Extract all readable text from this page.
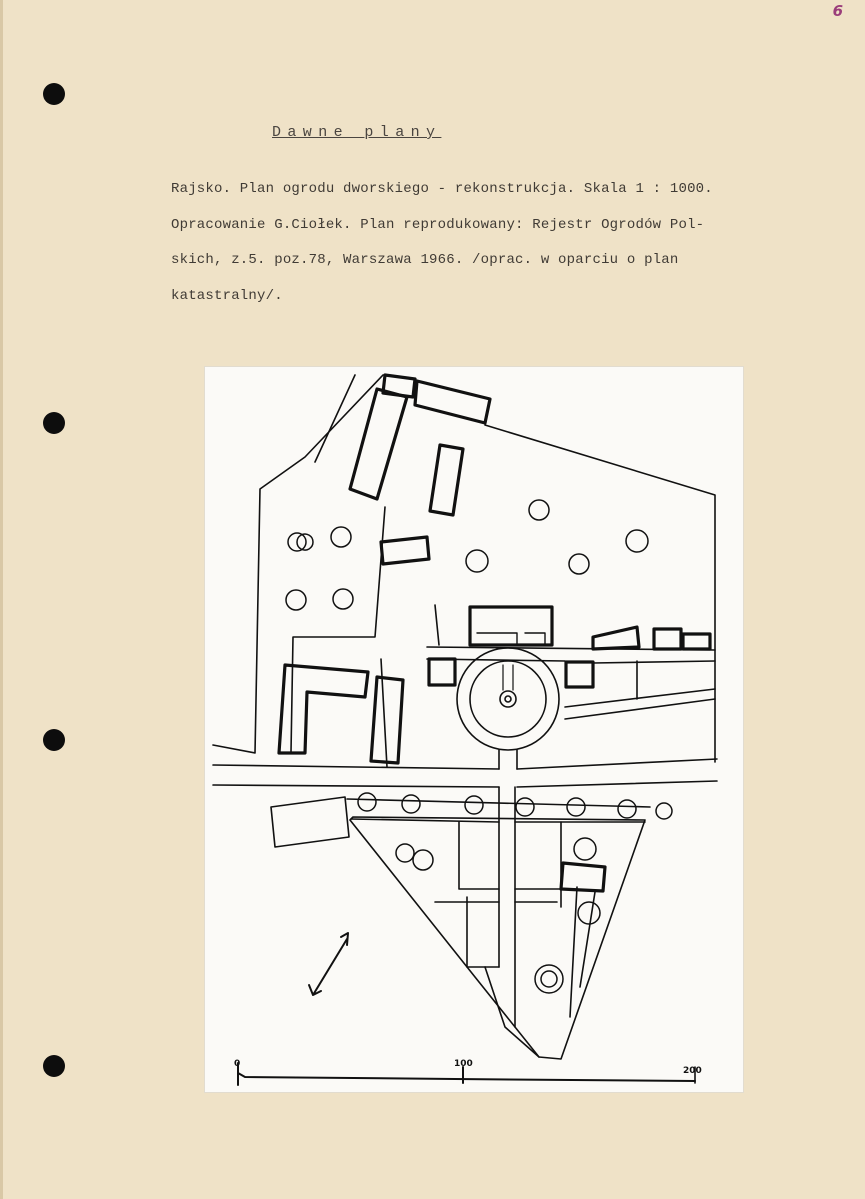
6
Dawne plany
Rajsko. Plan ogrodu dworskiego - rekonstrukcja. Skala 1 : 1000.
Opracowanie G.Ciołek. Plan reprodukowany: Rejestr Ogrodów Pol-
skich, z.5. poz.78, Warszawa 1966. /oprac. w oparciu o plan
katastralny/.
0	100
200
